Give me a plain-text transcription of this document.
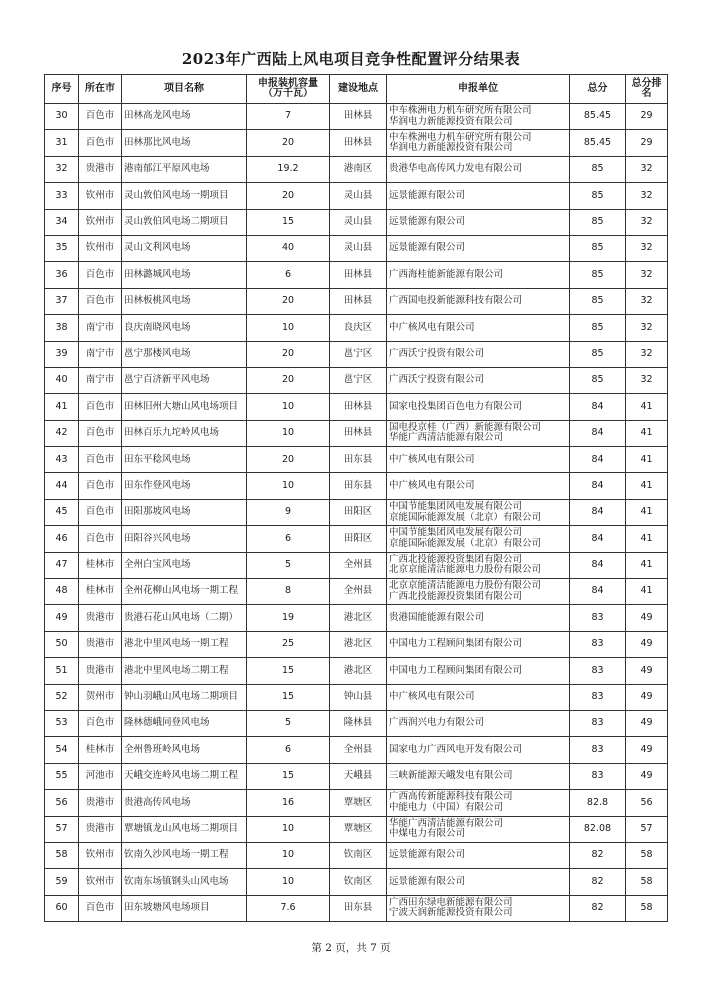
2023年广西陆上风电项目竞争性配置评分结果表
序号	所在市	项目名称	申报装机容量（万千瓦）	建设地点	申报单位	总分	总分排名
30	百色市	田林高龙风电场	7	田林县	中车株洲电力机车研究所有限公司
华润电力新能源投资有限公司	85.45	29
31	百色市	田林那比风电场	20	田林县	中车株洲电力机车研究所有限公司
华润电力新能源投资有限公司	85.45	29
32	贵港市	港南郁江平原风电场	19.2	港南区	贵港华电高传风力发电有限公司	85	32
33	钦州市	灵山敦伯风电场一期项目	20	灵山县	远景能源有限公司	85	32
34	钦州市	灵山敦伯风电场二期项目	15	灵山县	远景能源有限公司	85	32
35	钦州市	灵山文利风电场	40	灵山县	远景能源有限公司	85	32
36	百色市	田林潞城风电场	6	田林县	广西海桂能新能源有限公司	85	32
37	百色市	田林板桃风电场	20	田林县	广西国电投新能源科技有限公司	85	32
38	南宁市	良庆南晓风电场	10	良庆区	中广核风电有限公司	85	32
39	南宁市	邕宁那楼风电场	20	邕宁区	广西沃宁投资有限公司	85	32
40	南宁市	邕宁百济新平风电场	20	邕宁区	广西沃宁投资有限公司	85	32
41	百色市	田林旧州大塘山风电场项目	10	田林县	国家电投集团百色电力有限公司	84	41
42	百色市	田林百乐九坨岭风电场	10	田林县	国电投京桂（广西）新能源有限公司
华能广西清洁能源有限公司	84	41
43	百色市	田东平稔风电场	20	田东县	中广核风电有限公司	84	41
44	百色市	田东作登风电场	10	田东县	中广核风电有限公司	84	41
45	百色市	田阳那坡风电场	9	田阳区	中国节能集团风电发展有限公司
京能国际能源发展（北京）有限公司	84	41
46	百色市	田阳谷兴风电场	6	田阳区	中国节能集团风电发展有限公司
京能国际能源发展（北京）有限公司	84	41
47	桂林市	全州白宝风电场	5	全州县	广西北投能源投资集团有限公司
北京京能清洁能源电力股份有限公司	84	41
48	桂林市	全州花柳山风电场一期工程	8	全州县	北京京能清洁能源电力股份有限公司
广西北投能源投资集团有限公司	84	41
49	贵港市	贵港石花山风电场（二期）	19	港北区	贵港国能能源有限公司	83	49
50	贵港市	港北中里风电场一期工程	25	港北区	中国电力工程顾问集团有限公司	83	49
51	贵港市	港北中里风电场二期工程	15	港北区	中国电力工程顾问集团有限公司	83	49
52	贺州市	钟山羽峨山风电场二期项目	15	钟山县	中广核风电有限公司	83	49
53	百色市	隆林德峨同登风电场	5	隆林县	广西润兴电力有限公司	83	49
54	桂林市	全州鲁班岭风电场	6	全州县	国家电力广西风电开发有限公司	83	49
55	河池市	天峨交连岭风电场二期工程	15	天峨县	三峡新能源天峨发电有限公司	83	49
56	贵港市	贵港高传风电场	16	覃塘区	广西高传新能源科技有限公司
中能电力（中国）有限公司	82.8	56
57	贵港市	覃塘镇龙山风电场二期项目	10	覃塘区	华能广西清洁能源有限公司
中煤电力有限公司	82.08	57
58	钦州市	钦南久沙风电场一期工程	10	钦南区	远景能源有限公司	82	58
59	钦州市	钦南东场镇钢头山风电场	10	钦南区	远景能源有限公司	82	58
60	百色市	田东坡塘风电场项目	7.6	田东县	广西田东绿电新能源有限公司
宁波天润新能源投资有限公司	82	58
第 2 页，共 7 页
